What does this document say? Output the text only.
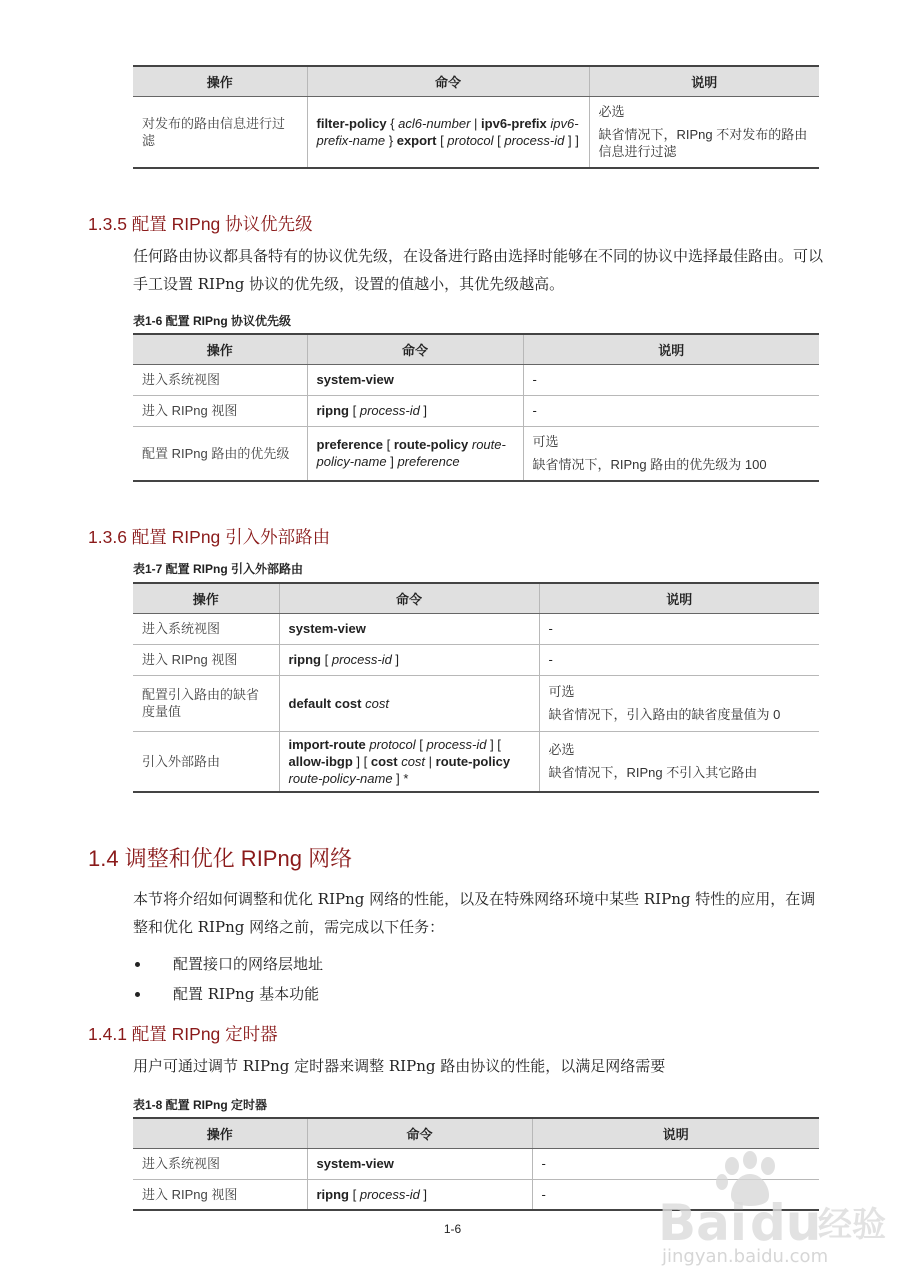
操作	命令	说明
对发布的路由信息进行过滤	filter-policy { acl6-number | ipv6-prefix ipv6-prefix-name } export [ protocol [ process-id ] ]	必选
缺省情况下，RIPng 不对发布的路由信息进行过滤
1.3.5 配置 RIPng 协议优先级
任何路由协议都具备特有的协议优先级，在设备进行路由选择时能够在不同的协议中选择最佳路由。可以手工设置 RIPng 协议的优先级，设置的值越小，其优先级越高。
表1-6 配置 RIPng 协议优先级
操作	命令	说明
进入系统视图	system-view	-
进入 RIPng 视图	ripng [ process-id ]	-
配置 RIPng 路由的优先级	preference [ route-policy route-policy-name ] preference	可选
缺省情况下，RIPng 路由的优先级为 100
1.3.6 配置 RIPng 引入外部路由
表1-7 配置 RIPng 引入外部路由
操作	命令	说明
进入系统视图	system-view	-
进入 RIPng 视图	ripng [ process-id ]	-
配置引入路由的缺省度量值	default cost cost	可选
缺省情况下，引入路由的缺省度量值为 0

引入外部路由	import-route protocol [ process-id ] [ allow-ibgp ] [ cost cost | route-policy route-policy-name ] *	必选
缺省情况下，RIPng 不引入其它路由
1.4 调整和优化 RIPng 网络
本节将介绍如何调整和优化 RIPng 网络的性能，以及在特殊网络环境中某些 RIPng 特性的应用，在调整和优化 RIPng 网络之前，需完成以下任务：
配置接口的网络层地址
配置 RIPng 基本功能
1.4.1 配置 RIPng 定时器
用户可通过调节 RIPng 定时器来调整 RIPng 路由协议的性能，以满足网络需要
表1-8 配置 RIPng 定时器
操作	命令	说明
进入系统视图	system-view	-
进入 RIPng 视图	ripng [ process-id ]	-
1-6	Bai du
经验
jingyan.baidu.com
